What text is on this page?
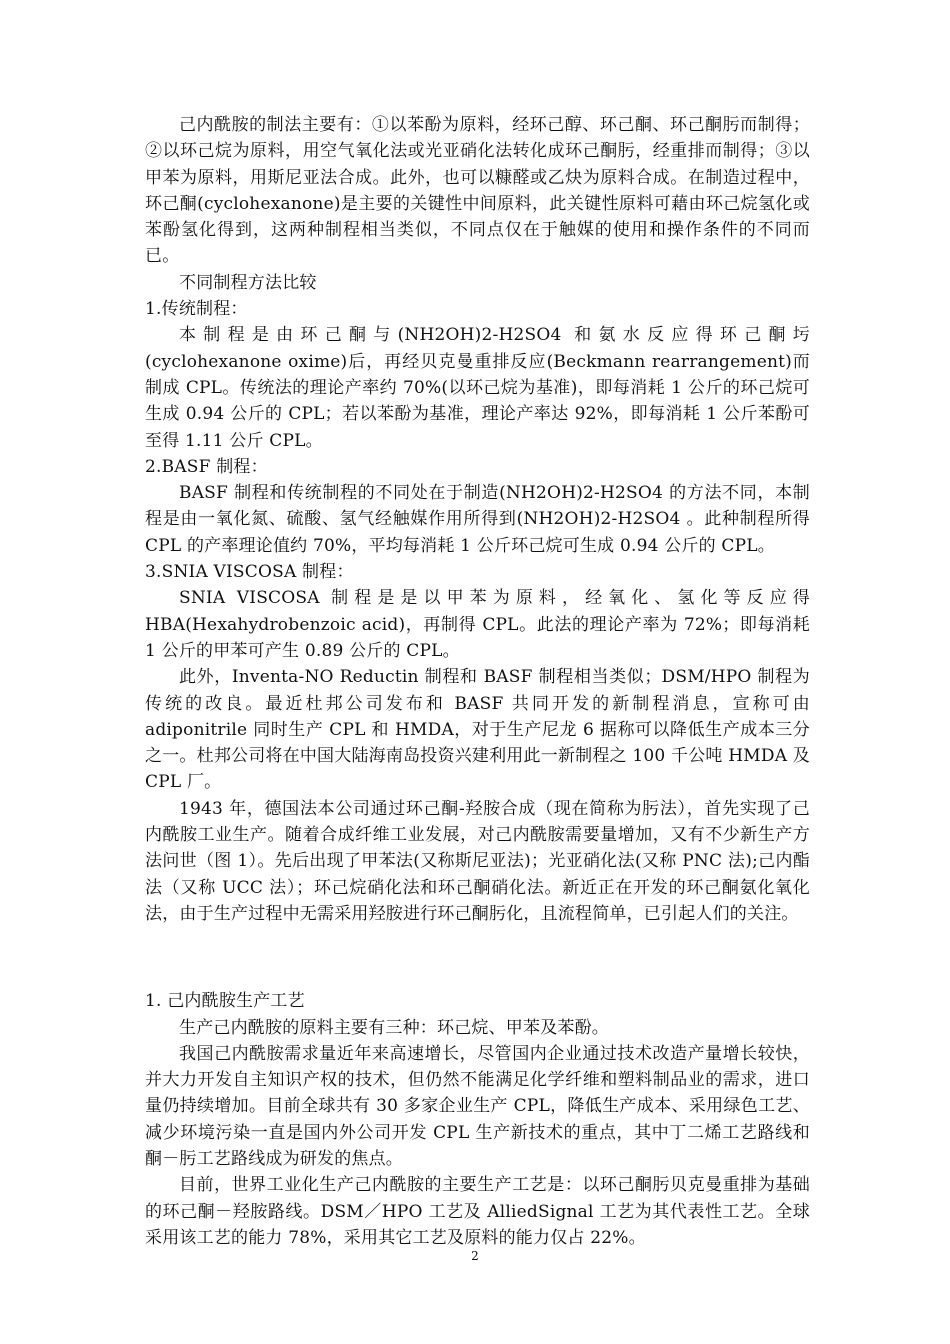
己内酰胺的制法主要有：①以苯酚为原料，经环己醇、环己酮、环己酮肟而制得；②以环己烷为原料，用空气氧化法或光亚硝化法转化成环己酮肟，经重排而制得；③以甲苯为原料，用斯尼亚法合成。此外，也可以糠醛或乙炔为原料合成。在制造过程中，环己酮(cyclohexanone)是主要的关键性中间原料，此关键性原料可藉由环己烷氢化或苯酚氢化得到，这两种制程相当类似，不同点仅在于触媒的使用和操作条件的不同而已。

不同制程方法比较

1.传统制程：

本制程是由环己酮与(NH2OH)2-H2SO4 和氨水反应得环己酮圬(cyclohexanone oxime)后，再经贝克曼重排反应(Beckmann rearrangement)而制成 CPL。传统法的理论产率约 70%(以环己烷为基准)，即每消耗 1 公斤的环己烷可生成 0.94 公斤的 CPL；若以苯酚为基准，理论产率达 92%，即每消耗 1 公斤苯酚可至得 1.11 公斤 CPL。

2.BASF 制程：

BASF 制程和传统制程的不同处在于制造(NH2OH)2-H2SO4 的方法不同，本制程是由一氧化氮、硫酸、氢气经触媒作用所得到(NH2OH)2-H2SO4 。此种制程所得 CPL 的产率理论值约 70%，平均每消耗 1 公斤环己烷可生成 0.94 公斤的 CPL。

3.SNIA VISCOSA 制程：

SNIA VISCOSA 制程是是以甲苯为原料，经氧化、氢化等反应得 HBA(Hexahydrobenzoic acid)，再制得 CPL。此法的理论产率为 72%；即每消耗 1 公斤的甲苯可产生 0.89 公斤的 CPL。

此外，Inventa-NO Reductin 制程和 BASF 制程相当类似；DSM/HPO 制程为传统的改良。最近杜邦公司发布和 BASF 共同开发的新制程消息，宣称可由 adiponitrile 同时生产 CPL 和 HMDA，对于生产尼龙 6 据称可以降低生产成本三分之一。杜邦公司将在中国大陆海南岛投资兴建利用此一新制程之 100 千公吨 HMDA 及 CPL 厂。

1943 年，德国法本公司通过环己酮-羟胺合成（现在简称为肟法），首先实现了己内酰胺工业生产。随着合成纤维工业发展，对己内酰胺需要量增加，又有不少新生产方法问世（图 1）。先后出现了甲苯法(又称斯尼亚法)；光亚硝化法(又称 PNC 法);己内酯法（又称 UCC 法）；环己烷硝化法和环己酮硝化法。新近正在开发的环己酮氨化氧化法，由于生产过程中无需采用羟胺进行环己酮肟化，且流程简单，已引起人们的关注。

1. 己内酰胺生产工艺

生产己内酰胺的原料主要有三种：环己烷、甲苯及苯酚。

我国己内酰胺需求量近年来高速增长，尽管国内企业通过技术改造产量增长较快，并大力开发自主知识产权的技术，但仍然不能满足化学纤维和塑料制品业的需求，进口量仍持续增加。目前全球共有 30 多家企业生产 CPL，降低生产成本、采用绿色工艺、减少环境污染一直是国内外公司开发 CPL 生产新技术的重点，其中丁二烯工艺路线和酮－肟工艺路线成为研发的焦点。

目前，世界工业化生产己内酰胺的主要生产工艺是：以环己酮肟贝克曼重排为基础的环己酮－羟胺路线。DSM／HPO 工艺及 AlliedSignal 工艺为其代表性工艺。全球采用该工艺的能力 78%，采用其它工艺及原料的能力仅占 22%。

2
